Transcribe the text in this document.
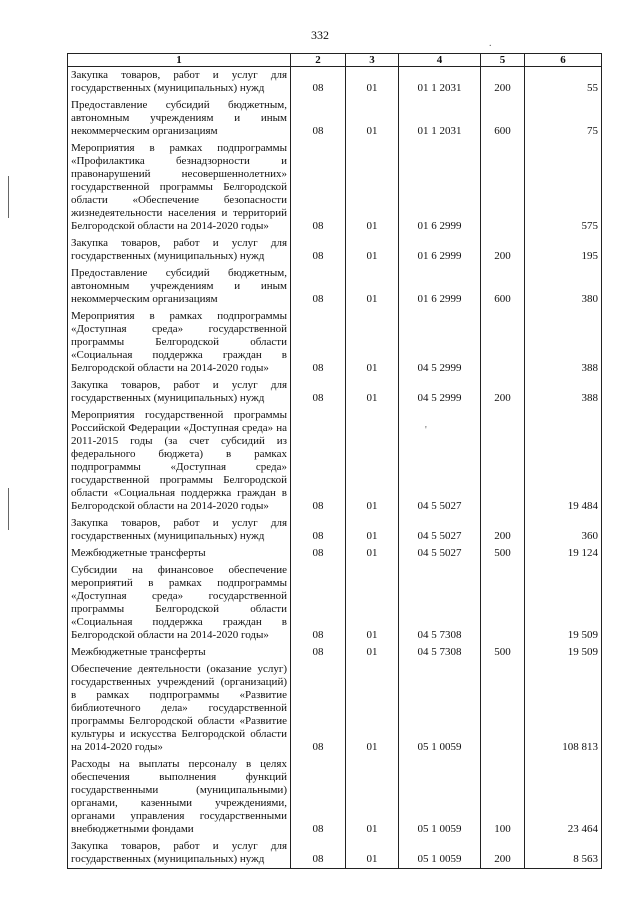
332
.
'
1	2	3	4	5	6
Закупка товаров, работ и услуг для государственных (муниципальных) нужд	08	01	01 1 2031	200	55
Предоставление субсидий бюджетным, автономным учреждениям и иным некоммерческим организациям	08	01	01 1 2031	600	75
Мероприятия в рамках подпрограммы «Профилактика безнадзорности и правонарушений несовершеннолетних» государственной программы Белгородской области «Обеспечение безопасности жизнедеятельности населения и территорий Белгородской области на 2014-2020 годы»	08	01	01 6 2999		575
Закупка товаров, работ и услуг для государственных (муниципальных) нужд	08	01	01 6 2999	200	195
Предоставление субсидий бюджетным, автономным учреждениям и иным некоммерческим организациям	08	01	01 6 2999	600	380
Мероприятия в рамках подпрограммы «Доступная среда» государственной программы Белгородской области «Социальная поддержка граждан в Белгородской области на 2014-2020 годы»	08	01	04 5 2999		388
Закупка товаров, работ и услуг для государственных (муниципальных) нужд	08	01	04 5 2999	200	388
Мероприятия государственной программы Российской Федерации «Доступная среда» на 2011-2015 годы (за счет субсидий из федерального бюджета) в рамках подпрограммы «Доступная среда» государственной программы Белгородской области «Социальная поддержка граждан в Белгородской области на 2014-2020 годы»	08	01	04 5 5027		19 484
Закупка товаров, работ и услуг для государственных (муниципальных) нужд	08	01	04 5 5027	200	360
Межбюджетные трансферты	08	01	04 5 5027	500	19 124
Субсидии на финансовое обеспечение мероприятий в рамках подпрограммы «Доступная среда» государственной программы Белгородской области «Социальная поддержка граждан в Белгородской области на 2014-2020 годы»	08	01	04 5 7308		19 509
Межбюджетные трансферты	08	01	04 5 7308	500	19 509
Обеспечение деятельности (оказание услуг) государственных учреждений (организаций) в рамках подпрограммы «Развитие библиотечного дела» государственной программы Белгородской области «Развитие культуры и искусства Белгородской области на 2014-2020 годы»	08	01	05 1 0059		108 813
Расходы на выплаты персоналу в целях обеспечения выполнения функций государственными (муниципальными) органами, казенными учреждениями, органами управления государственными внебюджетными фондами	08	01	05 1 0059	100	23 464
Закупка товаров, работ и услуг для государственных (муниципальных) нужд	08	01	05 1 0059	200	8 563
